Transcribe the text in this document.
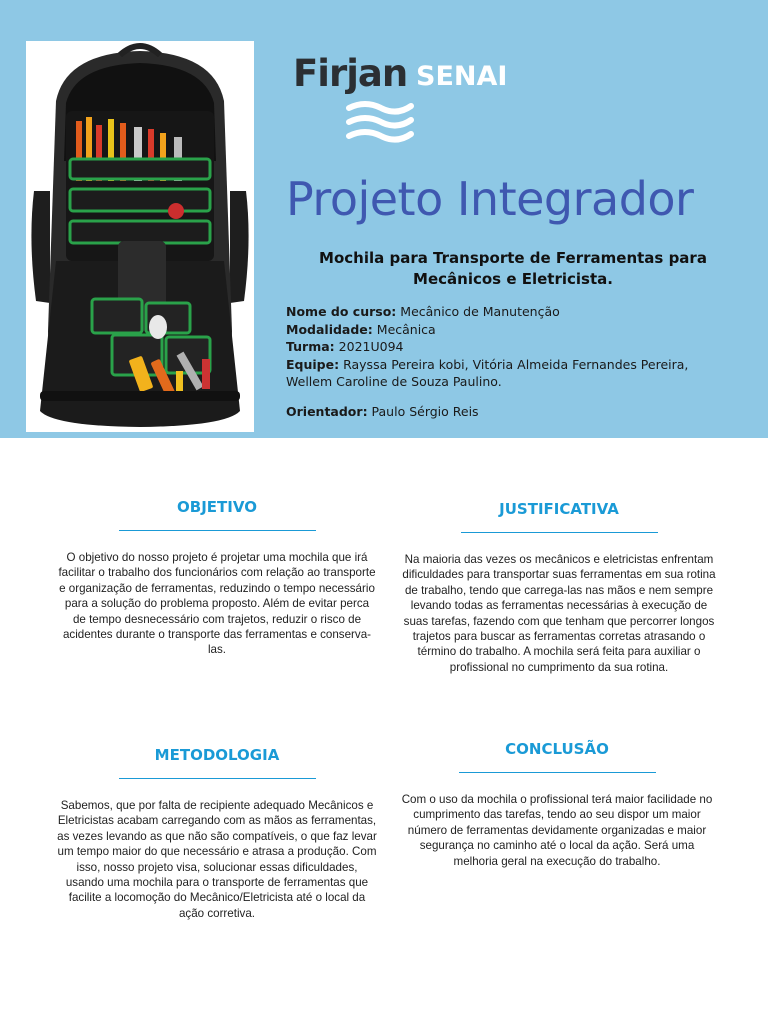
Firjan SENAI
Projeto Integrador
Mochila para Transporte de Ferramentas para Mecânicos e Eletricista.
Nome do curso: Mecânico de Manutenção
Modalidade: Mecânica
Turma: 2021U094
Equipe: Rayssa Pereira kobi, Vitória Almeida Fernandes Pereira, Wellem Caroline de Souza Paulino.
Orientador: Paulo Sérgio Reis
OBJETIVO
O objetivo do nosso projeto é projetar uma mochila que irá facilitar o trabalho dos funcionários com relação ao transporte e organização de ferramentas, reduzindo o tempo necessário para a solução do problema proposto. Além de evitar perca de tempo desnecessário com trajetos, reduzir o risco de acidentes durante o transporte das ferramentas e conserva-las.
JUSTIFICATIVA
Na maioria das vezes os mecânicos e eletricistas enfrentam dificuldades para transportar suas ferramentas em sua rotina de trabalho, tendo que carrega-las nas mãos e nem sempre levando todas as ferramentas necessárias à execução de suas tarefas, fazendo com que tenham que percorrer longos trajetos para buscar as ferramentas corretas atrasando o término do trabalho. A mochila será feita para auxiliar o profissional no cumprimento da sua rotina.
METODOLOGIA
Sabemos, que por falta de recipiente adequado Mecânicos e Eletricistas acabam carregando com as mãos as ferramentas, as vezes levando as que não são compatíveis, o que faz levar um tempo maior do que necessário e atrasa a produção. Com isso, nosso projeto visa, solucionar essas dificuldades, usando uma mochila para o transporte de ferramentas que facilite a locomoção do Mecânico/Eletricista até o local da ação corretiva.
CONCLUSÃO
Com o uso da mochila o profissional terá maior facilidade no cumprimento das tarefas, tendo ao seu dispor um maior número de ferramentas devidamente organizadas e maior segurança no caminho até o local da ação. Será uma melhoria geral na execução do trabalho.
